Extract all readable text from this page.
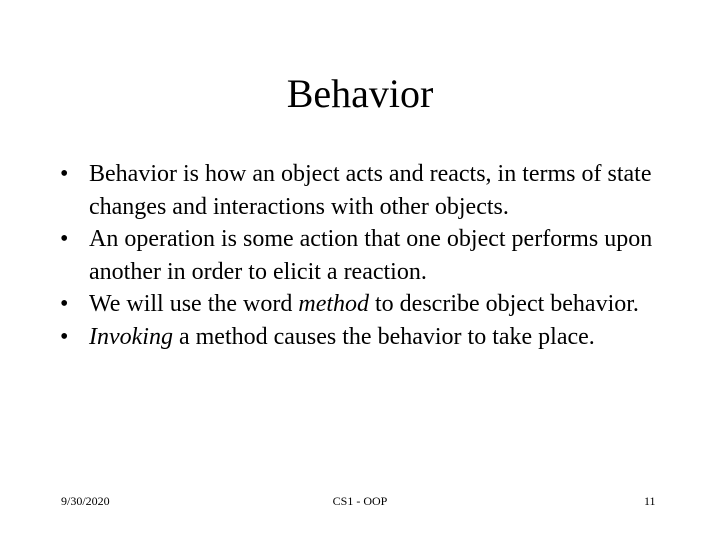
Behavior
• Behavior is how an object acts and reacts, in terms of state changes and interactions with other objects.
• An operation is some action that one object performs upon another in order to elicit a reaction.
• We will use the word method to describe object behavior.
• Invoking a method causes the behavior to take place.
9/30/2020	CS1 - OOP	11
